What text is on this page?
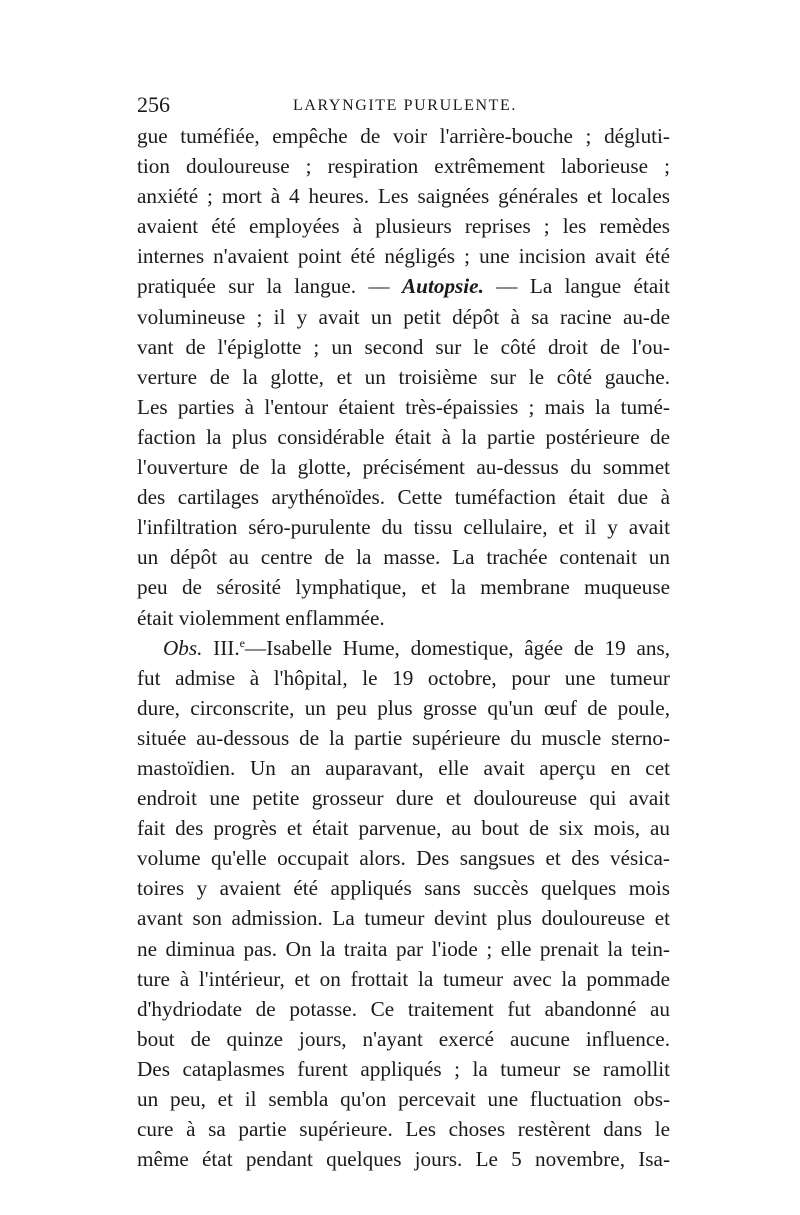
256	LARYNGITE PURULENTE.
gue tuméfiée, empêche de voir l'arrière-bouche ; dégluti-
tion douloureuse ; respiration extrêmement laborieuse ;
anxiété ; mort à 4 heures. Les saignées générales et locales
avaient été employées à plusieurs reprises ; les remèdes
internes n'avaient point été négligés ; une incision avait été
pratiquée sur la langue. — Autopsie. — La langue était
volumineuse ; il y avait un petit dépôt à sa racine au-de
vant de l'épiglotte ; un second sur le côté droit de l'ou-
verture de la glotte, et un troisième sur le côté gauche.
Les parties à l'entour étaient très-épaissies ; mais la tumé-
faction la plus considérable était à la partie postérieure de
l'ouverture de la glotte, précisément au-dessus du sommet
des cartilages arythénoïdes. Cette tuméfaction était due à
l'infiltration séro-purulente du tissu cellulaire, et il y avait
un dépôt au centre de la masse. La trachée contenait un
peu de sérosité lymphatique, et la membrane muqueuse
était violemment enflammée.
Obs. III.$^e$—Isabelle Hume, domestique, âgée de 19 ans,
fut admise à l'hôpital, le 19 octobre, pour une tumeur
dure, circonscrite, un peu plus grosse qu'un œuf de poule,
située au-dessous de la partie supérieure du muscle sterno-
mastoïdien. Un an auparavant, elle avait aperçu en cet
endroit une petite grosseur dure et douloureuse qui avait
fait des progrès et était parvenue, au bout de six mois, au
volume qu'elle occupait alors. Des sangsues et des vésica-
toires y avaient été appliqués sans succès quelques mois
avant son admission. La tumeur devint plus douloureuse et
ne diminua pas. On la traita par l'iode ; elle prenait la tein-
ture à l'intérieur, et on frottait la tumeur avec la pommade
d'hydriodate de potasse. Ce traitement fut abandonné au
bout de quinze jours, n'ayant exercé aucune influence.
Des cataplasmes furent appliqués ; la tumeur se ramollit
un peu, et il sembla qu'on percevait une fluctuation obs-
cure à sa partie supérieure. Les choses restèrent dans le
même état pendant quelques jours. Le 5 novembre, Isa-
